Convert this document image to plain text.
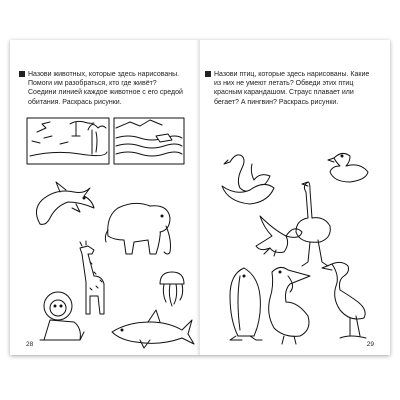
Назови животных, которые здесь нарисованы. Помоги им разобраться, кто где живёт? Соедини линией каждое животное с его средой обитания. Раскрась рисунки.
28
Назови птиц, которые здесь нарисованы. Какие из них не умеют летать? Обведи этих птиц красным карандашом. Страус плавает или бегает? А пингвин? Раскрась рисунки.
29
